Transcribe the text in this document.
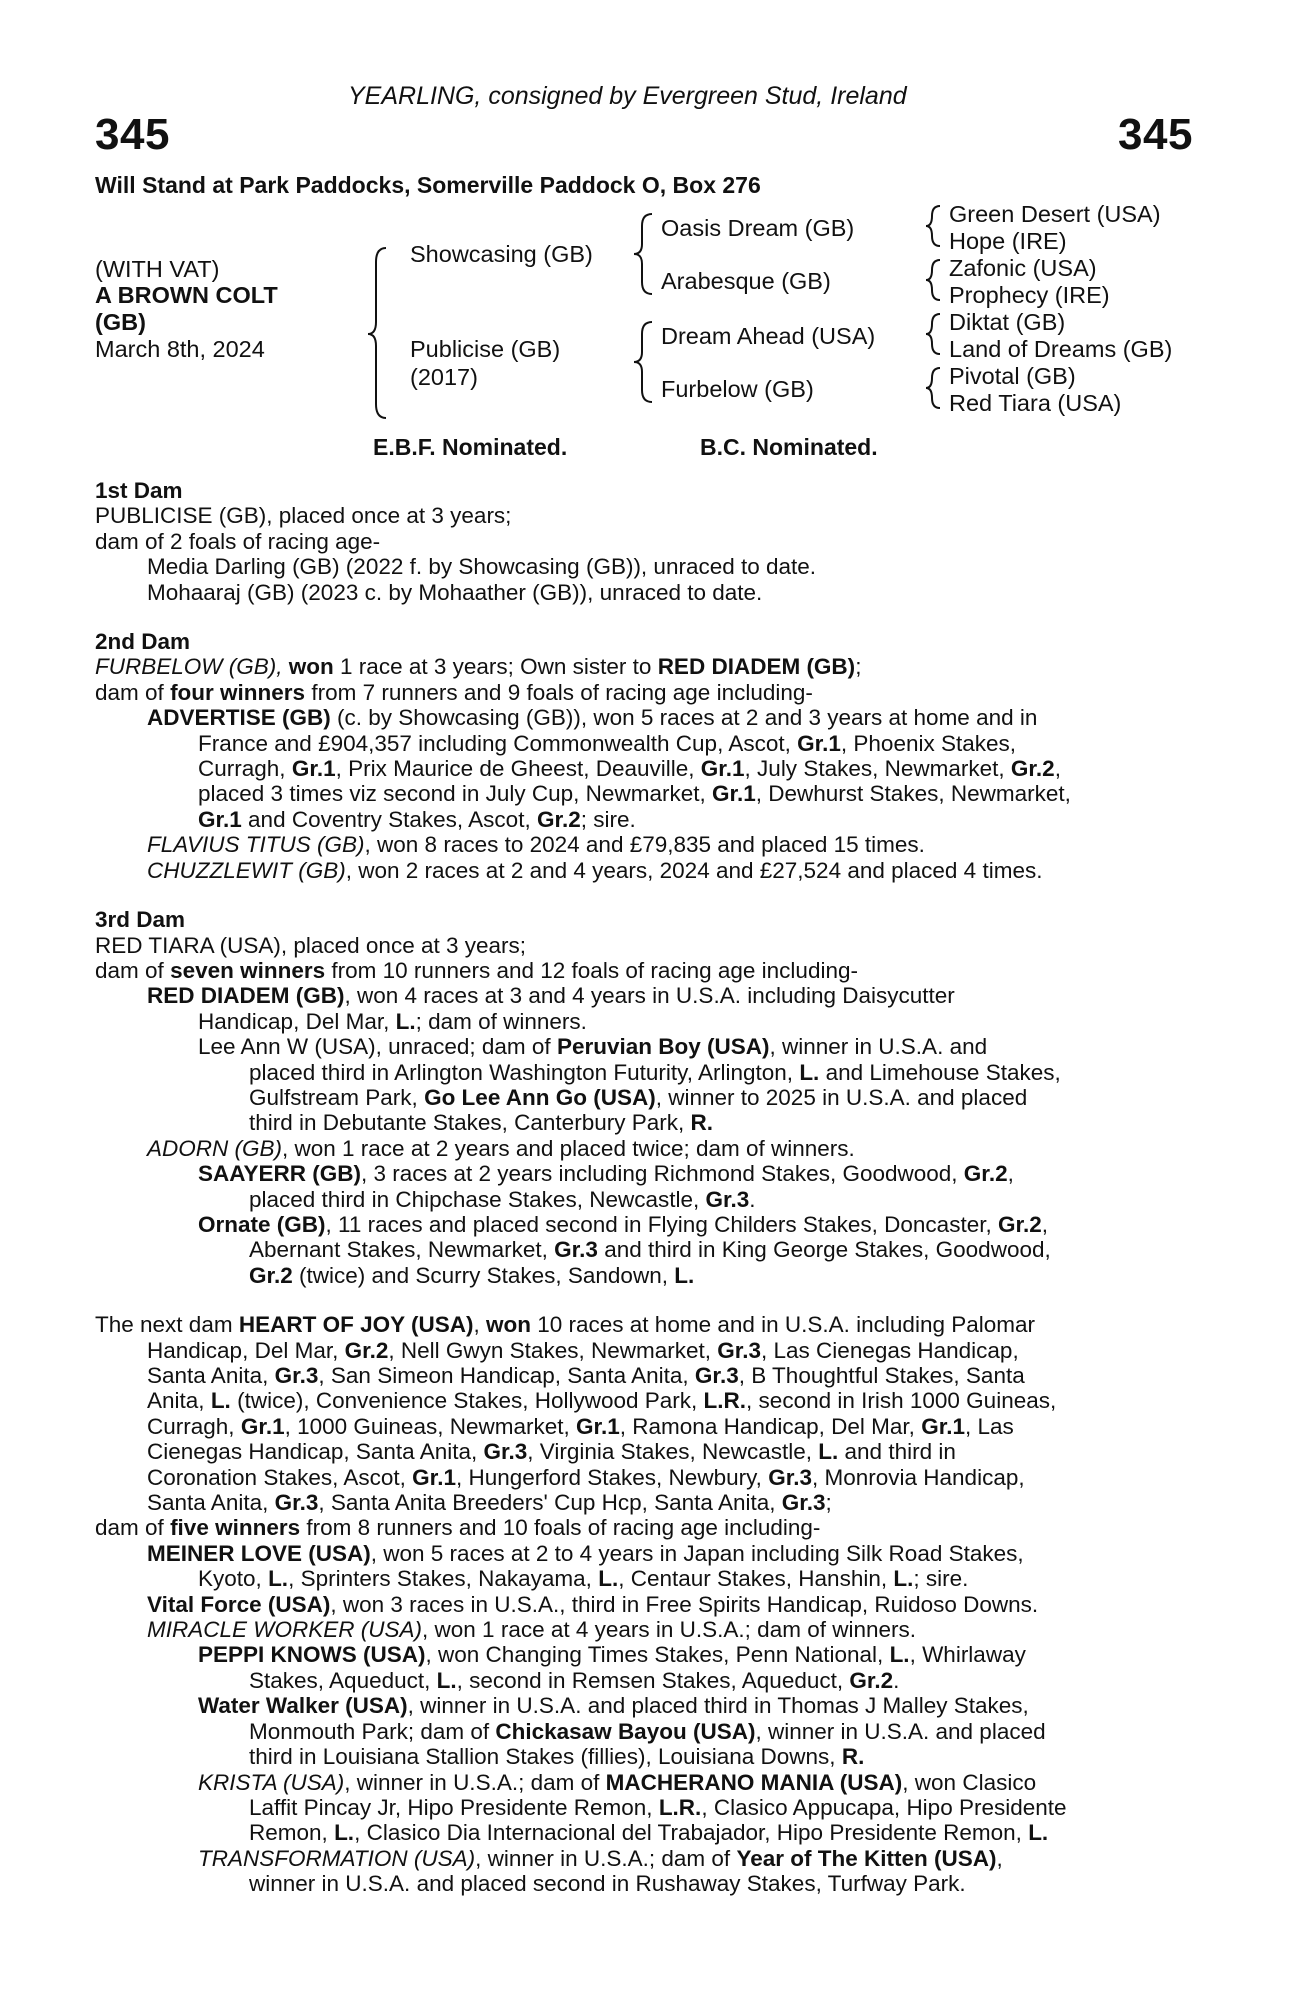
YEARLING, consigned by Evergreen Stud, Ireland
345	345
Will Stand at Park Paddocks, Somerville Paddock O, Box 276
(WITH VAT)
A BROWN COLT
(GB)
March 8th, 2024
Showcasing (GB)
Publicise (GB)
(2017)
Oasis Dream (GB)
Arabesque (GB)
Dream Ahead (USA)
Furbelow (GB)
Green Desert (USA)
Hope (IRE)
Zafonic (USA)
Prophecy (IRE)
Diktat (GB)
Land of Dreams (GB)
Pivotal (GB)
Red Tiara (USA)
E.B.F. Nominated.	B.C. Nominated.
1st Dam
PUBLICISE (GB), placed once at 3 years;
dam of 2 foals of racing age-
Media Darling (GB) (2022 f. by Showcasing (GB)), unraced to date.
Mohaaraj (GB) (2023 c. by Mohaather (GB)), unraced to date.
2nd Dam
FURBELOW (GB), won 1 race at 3 years; Own sister to RED DIADEM (GB);
dam of four winners from 7 runners and 9 foals of racing age including-
ADVERTISE (GB) (c. by Showcasing (GB)), won 5 races at 2 and 3 years at home and in
France and £904,357 including Commonwealth Cup, Ascot, Gr.1, Phoenix Stakes,
Curragh, Gr.1, Prix Maurice de Gheest, Deauville, Gr.1, July Stakes, Newmarket, Gr.2,
placed 3 times viz second in July Cup, Newmarket, Gr.1, Dewhurst Stakes, Newmarket,
Gr.1 and Coventry Stakes, Ascot, Gr.2; sire.
FLAVIUS TITUS (GB), won 8 races to 2024 and £79,835 and placed 15 times.
CHUZZLEWIT (GB), won 2 races at 2 and 4 years, 2024 and £27,524 and placed 4 times.
3rd Dam
RED TIARA (USA), placed once at 3 years;
dam of seven winners from 10 runners and 12 foals of racing age including-
RED DIADEM (GB), won 4 races at 3 and 4 years in U.S.A. including Daisycutter
Handicap, Del Mar, L.; dam of winners.
Lee Ann W (USA), unraced; dam of Peruvian Boy (USA), winner in U.S.A. and
placed third in Arlington Washington Futurity, Arlington, L. and Limehouse Stakes,
Gulfstream Park, Go Lee Ann Go (USA), winner to 2025 in U.S.A. and placed
third in Debutante Stakes, Canterbury Park, R.
ADORN (GB), won 1 race at 2 years and placed twice; dam of winners.
SAAYERR (GB), 3 races at 2 years including Richmond Stakes, Goodwood, Gr.2,
placed third in Chipchase Stakes, Newcastle, Gr.3.
Ornate (GB), 11 races and placed second in Flying Childers Stakes, Doncaster, Gr.2,
Abernant Stakes, Newmarket, Gr.3 and third in King George Stakes, Goodwood,
Gr.2 (twice) and Scurry Stakes, Sandown, L.
The next dam HEART OF JOY (USA), won 10 races at home and in U.S.A. including Palomar
Handicap, Del Mar, Gr.2, Nell Gwyn Stakes, Newmarket, Gr.3, Las Cienegas Handicap,
Santa Anita, Gr.3, San Simeon Handicap, Santa Anita, Gr.3, B Thoughtful Stakes, Santa
Anita, L. (twice), Convenience Stakes, Hollywood Park, L.R., second in Irish 1000 Guineas,
Curragh, Gr.1, 1000 Guineas, Newmarket, Gr.1, Ramona Handicap, Del Mar, Gr.1, Las
Cienegas Handicap, Santa Anita, Gr.3, Virginia Stakes, Newcastle, L. and third in
Coronation Stakes, Ascot, Gr.1, Hungerford Stakes, Newbury, Gr.3, Monrovia Handicap,
Santa Anita, Gr.3, Santa Anita Breeders' Cup Hcp, Santa Anita, Gr.3;
dam of five winners from 8 runners and 10 foals of racing age including-
MEINER LOVE (USA), won 5 races at 2 to 4 years in Japan including Silk Road Stakes,
Kyoto, L., Sprinters Stakes, Nakayama, L., Centaur Stakes, Hanshin, L.; sire.
Vital Force (USA), won 3 races in U.S.A., third in Free Spirits Handicap, Ruidoso Downs.
MIRACLE WORKER (USA), won 1 race at 4 years in U.S.A.; dam of winners.
PEPPI KNOWS (USA), won Changing Times Stakes, Penn National, L., Whirlaway
Stakes, Aqueduct, L., second in Remsen Stakes, Aqueduct, Gr.2.
Water Walker (USA), winner in U.S.A. and placed third in Thomas J Malley Stakes,
Monmouth Park; dam of Chickasaw Bayou (USA), winner in U.S.A. and placed
third in Louisiana Stallion Stakes (fillies), Louisiana Downs, R.
KRISTA (USA), winner in U.S.A.; dam of MACHERANO MANIA (USA), won Clasico
Laffit Pincay Jr, Hipo Presidente Remon, L.R., Clasico Appucapa, Hipo Presidente
Remon, L., Clasico Dia Internacional del Trabajador, Hipo Presidente Remon, L.
TRANSFORMATION (USA), winner in U.S.A.; dam of Year of The Kitten (USA),
winner in U.S.A. and placed second in Rushaway Stakes, Turfway Park.
